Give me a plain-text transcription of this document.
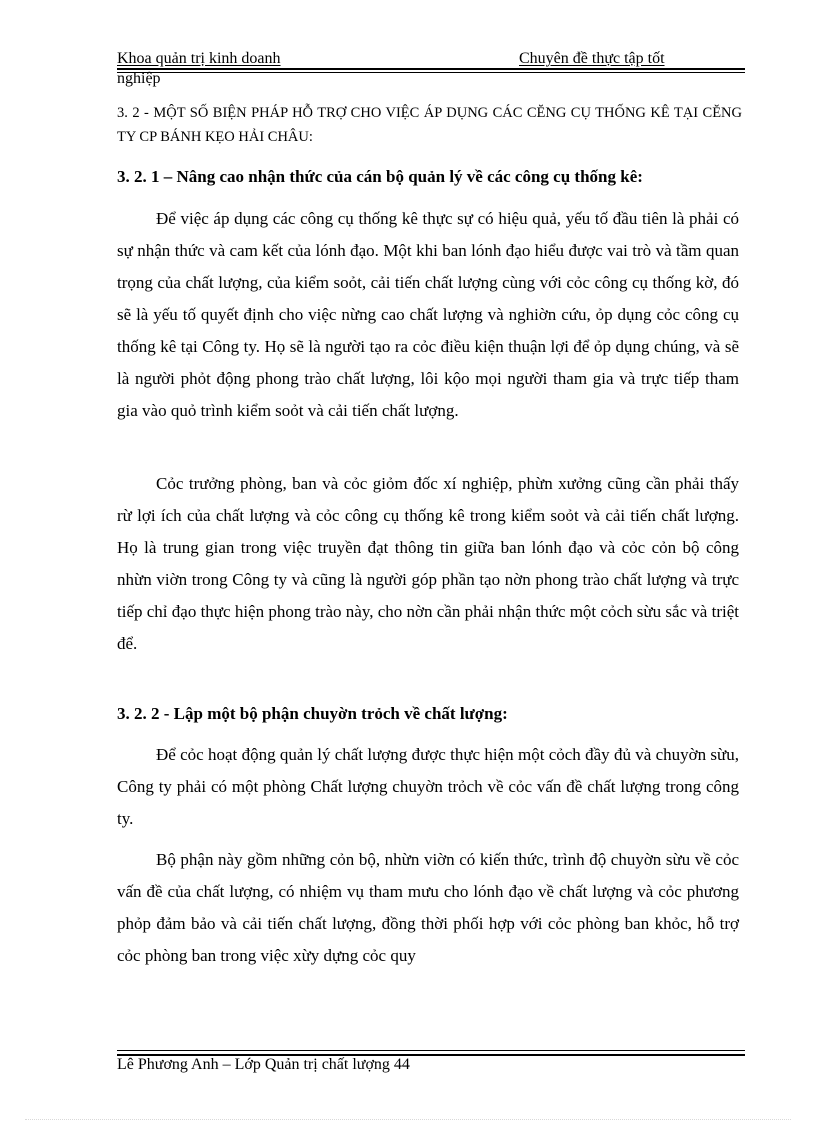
Khoa quản trị kinh doanh	Chuyên đề thực tập tốt
nghiệp
3. 2 - MỘT SỐ BIỆN PHÁP HỖ TRỢ CHO VIỆC ÁP DỤNG CÁC CĔNG CỤ THỐNG KÊ TẠI CĔNG TY CP BÁNH KẸO HẢI CHÂU:
3. 2. 1 – Nâng cao nhận thức của cán bộ quản lý về các công cụ thống kê:

Để việc áp dụng các công cụ thống kê thực sự có hiệu quả, yếu tố đầu tiên là phải có sự nhận thức và cam kết của lónh đạo. Một khi ban lónh đạo hiểu được vai trò và tầm quan trọng của chất lượng, của kiểm soỏt, cải tiến chất lượng cùng với cỏc công cụ thống kờ, đó sẽ là yếu tố quyết định cho việc nừng cao chất lượng và nghiờn cứu, ỏp dụng cỏc công cụ thống kê tại Công ty. Họ sẽ là người tạo ra cỏc điều kiện thuận lợi để ỏp dụng chúng, và sẽ là người phỏt động phong trào chất lượng, lôi kộo mọi người tham gia và trực tiếp tham gia vào quỏ trình kiểm soỏt và cải tiến chất lượng.

Cỏc trưởng phòng, ban và cỏc giỏm đốc xí nghiệp, phừn xưởng cũng cần phải thấy rừ lợi ích của chất lượng và cỏc công cụ thống kê trong kiểm soỏt và cải tiến chất lượng. Họ là trung gian trong việc truyền đạt thông tin giữa ban lónh đạo và cỏc cỏn bộ công nhừn viờn trong Công ty và cũng là người góp phần tạo nờn phong trào chất lượng và trực tiếp chỉ đạo thực hiện phong trào này, cho nờn cần phải nhận thức một cỏch sừu sắc và triệt để.

3. 2. 2 - Lập một bộ phận chuyờn trỏch về chất lượng:

Để cỏc hoạt động quản lý chất lượng được thực hiện một cỏch đầy đủ và chuyờn sừu, Công ty phải có một phòng Chất lượng chuyờn trỏch về cỏc vấn đề chất lượng trong công ty.

Bộ phận này gồm những cỏn bộ, nhừn viờn có kiến thức, trình độ chuyờn sừu về cỏc vấn đề của chất lượng, có nhiệm vụ tham mưu cho lónh đạo về chất lượng và cỏc phương phỏp đảm bảo và cải tiến chất lượng, đồng thời phối hợp với cỏc phòng ban khỏc, hỗ trợ cỏc phòng ban trong việc xừy dựng cỏc quy

Lê Phương Anh – Lớp Quản trị chất lượng 44
